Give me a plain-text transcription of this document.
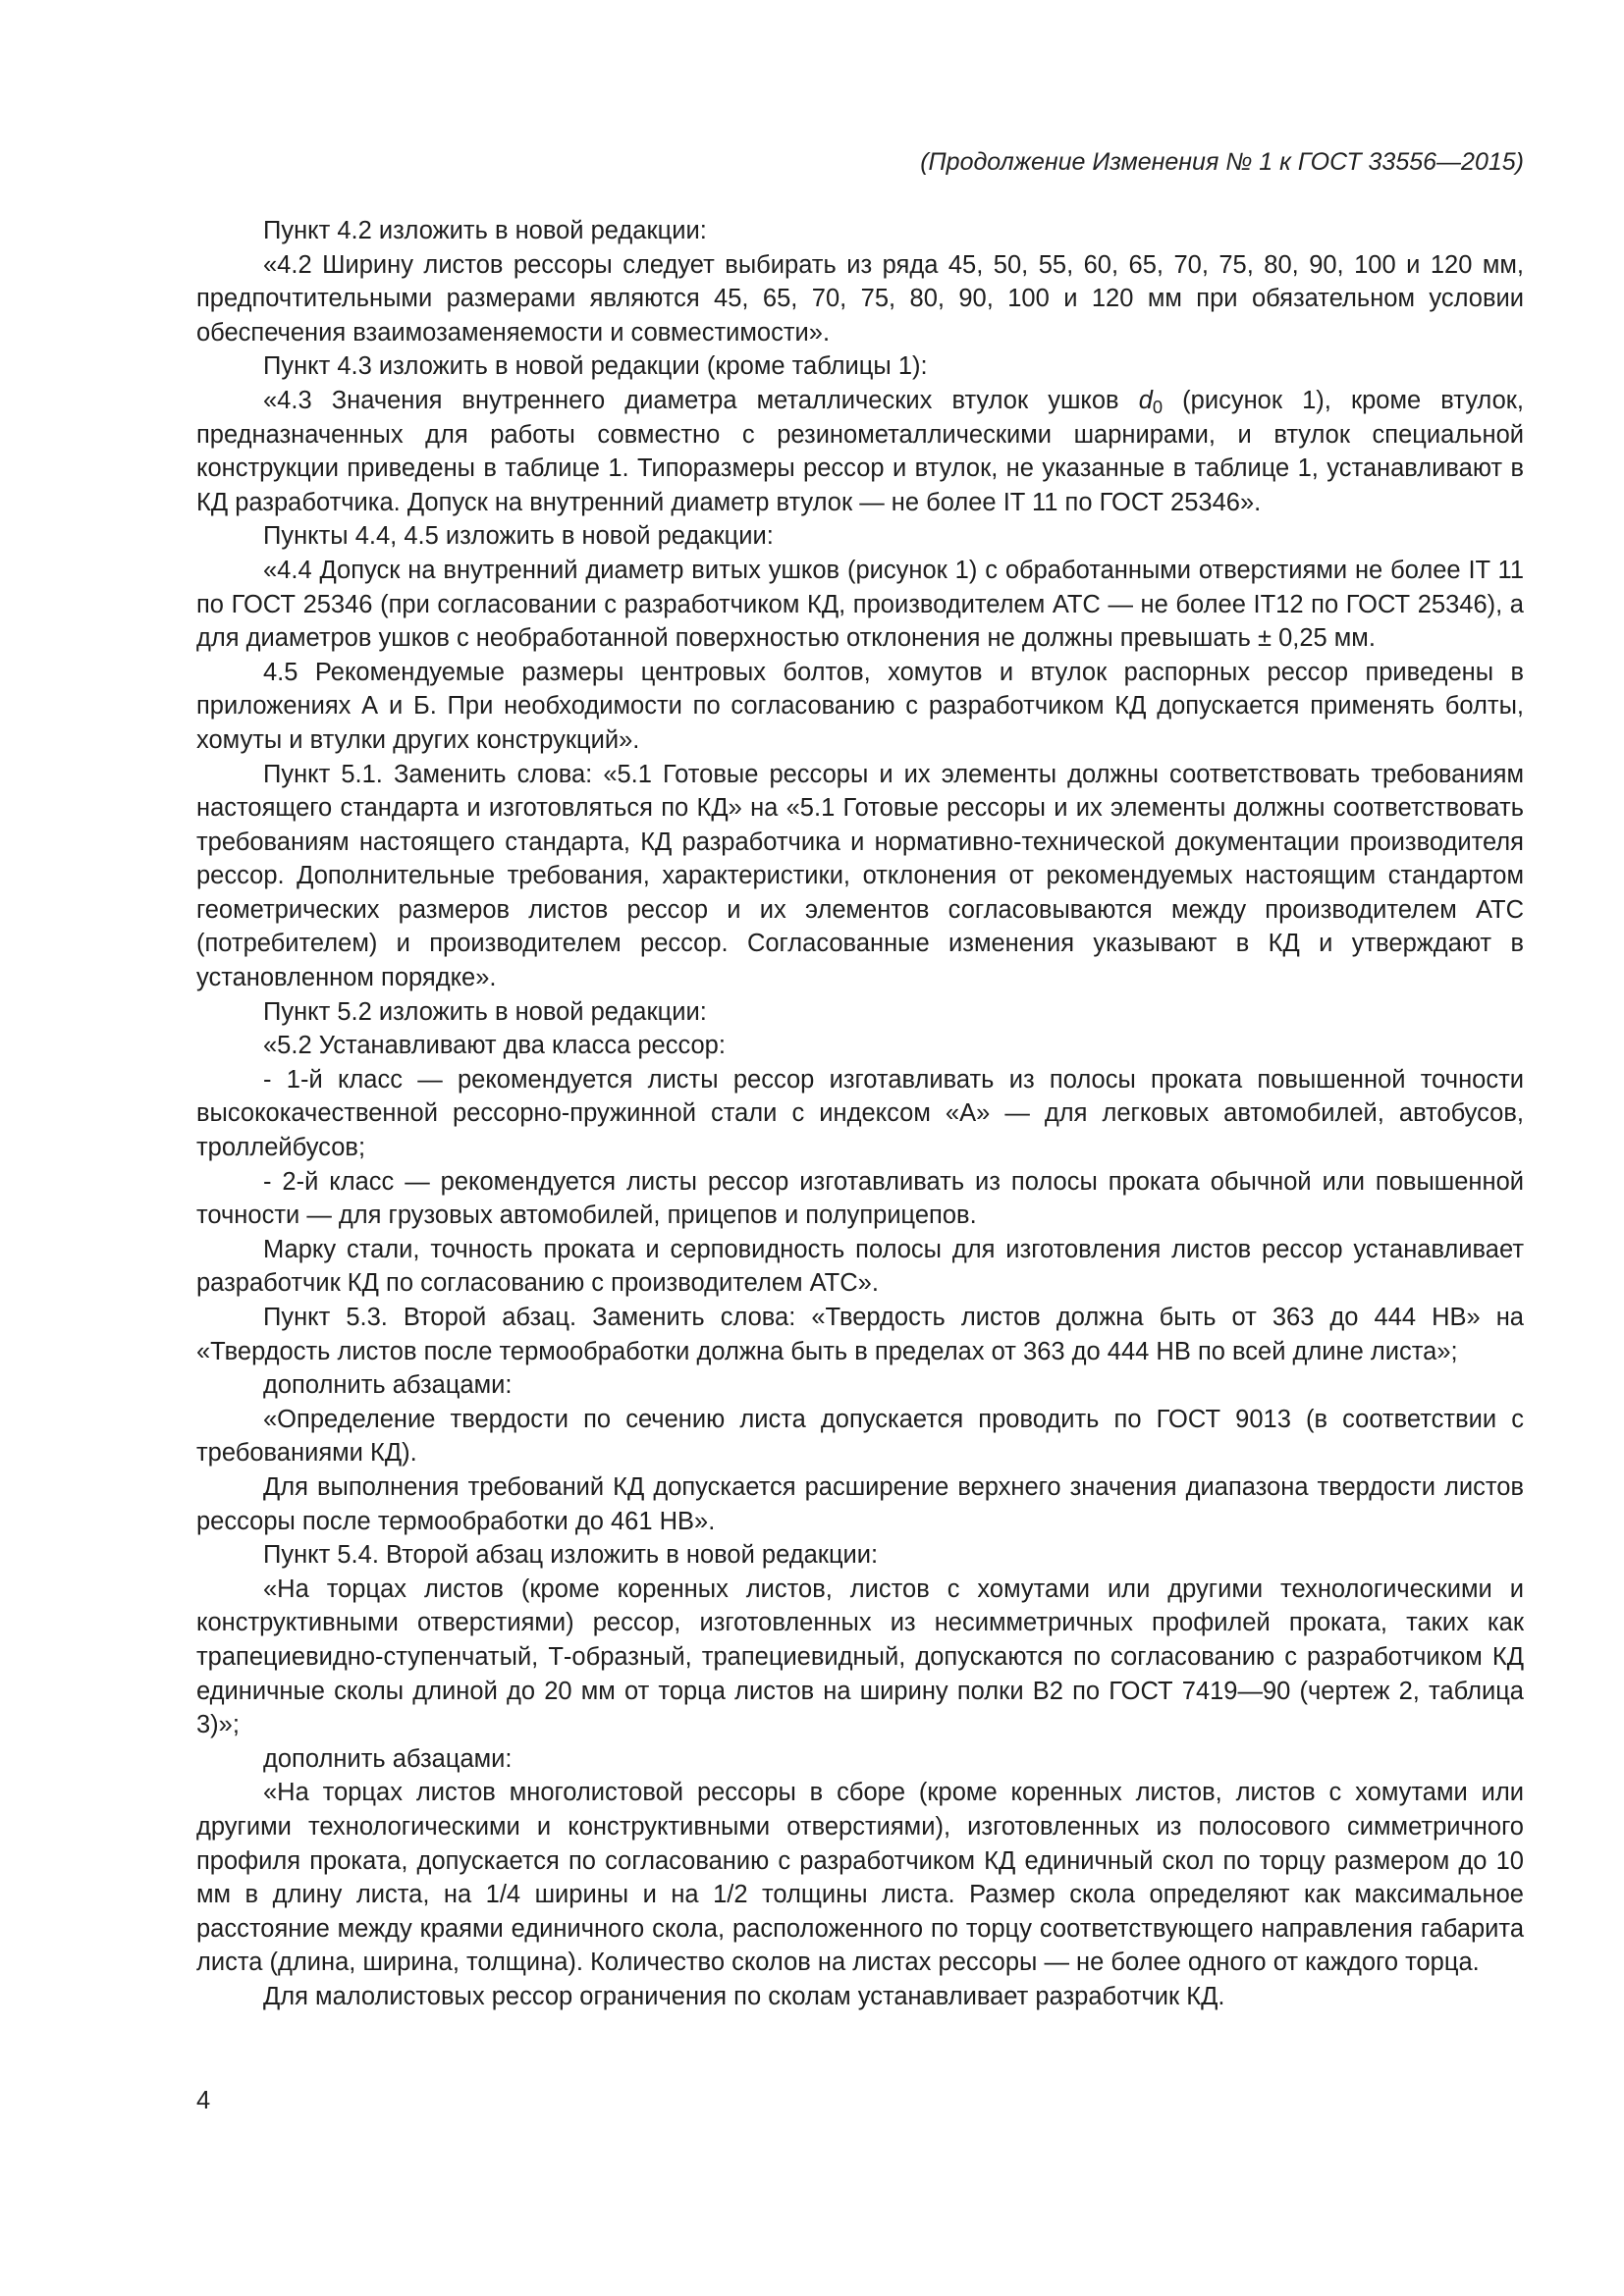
(Продолжение Изменения № 1 к ГОСТ 33556—2015)

Пункт 4.2 изложить в новой редакции:

«4.2 Ширину листов рессоры следует выбирать из ряда 45, 50, 55, 60, 65, 70, 75, 80, 90, 100 и 120 мм, предпочтительными размерами являются 45, 65, 70, 75, 80, 90, 100 и 120 мм при обязательном условии обеспечения взаимозаменяемости и совместимости».

Пункт 4.3 изложить в новой редакции (кроме таблицы 1):

«4.3 Значения внутреннего диаметра металлических втулок ушков $d_0$ (рисунок 1), кроме втулок, предназначенных для работы совместно с резинометаллическими шарнирами, и втулок специальной конструкции приведены в таблице 1. Типоразмеры рессор и втулок, не указанные в таблице 1, устанавливают в КД разработчика. Допуск на внутренний диаметр втулок — не более IT 11 по ГОСТ 25346».

Пункты 4.4, 4.5 изложить в новой редакции:

«4.4 Допуск на внутренний диаметр витых ушков (рисунок 1) с обработанными отверстиями не более IT 11 по ГОСТ 25346 (при согласовании с разработчиком КД, производителем АТС — не более IT12 по ГОСТ 25346), а для диаметров ушков с необработанной поверхностью отклонения не должны превышать ± 0,25 мм.

4.5 Рекомендуемые размеры центровых болтов, хомутов и втулок распорных рессор приведены в приложениях А и Б. При необходимости по согласованию с разработчиком КД допускается применять болты, хомуты и втулки других конструкций».

Пункт 5.1. Заменить слова: «5.1 Готовые рессоры и их элементы должны соответствовать требованиям настоящего стандарта и изготовляться по КД» на «5.1 Готовые рессоры и их элементы должны соответствовать требованиям настоящего стандарта, КД разработчика и нормативно-технической документации производителя рессор. Дополнительные требования, характеристики, отклонения от рекомендуемых настоящим стандартом геометрических размеров листов рессор и их элементов согласовываются между производителем АТС (потребителем) и производителем рессор. Согласованные изменения указывают в КД и утверждают в установленном порядке».

Пункт 5.2 изложить в новой редакции:

«5.2 Устанавливают два класса рессор:

- 1-й класс — рекомендуется листы рессор изготавливать из полосы проката повышенной точности высококачественной рессорно-пружинной стали с индексом «А» — для легковых автомобилей, автобусов, троллейбусов;

- 2-й класс — рекомендуется листы рессор изготавливать из полосы проката обычной или повышенной точности — для грузовых автомобилей, прицепов и полуприцепов.

Марку стали, точность проката и серповидность полосы для изготовления листов рессор устанавливает разработчик КД по согласованию с производителем АТС».

Пункт 5.3. Второй абзац. Заменить слова: «Твердость листов должна быть от 363 до 444 НВ» на «Твердость листов после термообработки должна быть в пределах от 363 до 444 НВ по всей длине листа»;

дополнить абзацами:

«Определение твердости по сечению листа допускается проводить по ГОСТ 9013 (в соответствии с требованиями КД).

Для выполнения требований КД допускается расширение верхнего значения диапазона твердости листов рессоры после термообработки до 461 НВ».

Пункт 5.4. Второй абзац изложить в новой редакции:

«На торцах листов (кроме коренных листов, листов с хомутами или другими технологическими и конструктивными отверстиями) рессор, изготовленных из несимметричных профилей проката, таких как трапециевидно-ступенчатый, Т-образный, трапециевидный, допускаются по согласованию с разработчиком КД единичные сколы длиной до 20 мм от торца листов на ширину полки В2 по ГОСТ 7419—90 (чертеж 2, таблица 3)»;

дополнить абзацами:

«На торцах листов многолистовой рессоры в сборе (кроме коренных листов, листов с хомутами или другими технологическими и конструктивными отверстиями), изготовленных из полосового симметричного профиля проката, допускается по согласованию с разработчиком КД единичный скол по торцу размером до 10 мм в длину листа, на 1/4 ширины и на 1/2 толщины листа. Размер скола определяют как максимальное расстояние между краями единичного скола, расположенного по торцу соответствующего направления габарита листа (длина, ширина, толщина). Количество сколов на листах рессоры — не более одного от каждого торца.

Для малолистовых рессор ограничения по сколам устанавливает разработчик КД.

4
